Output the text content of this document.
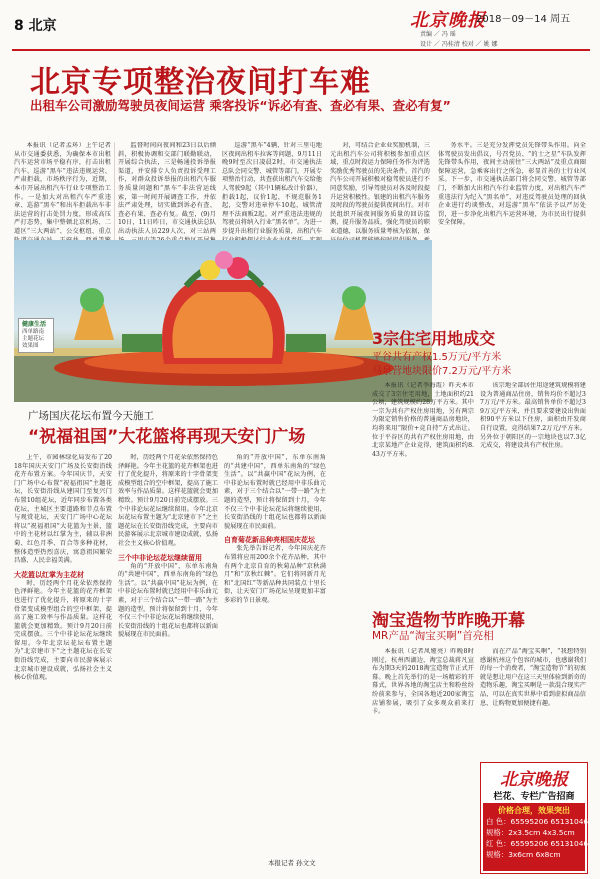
8 北京	北京晚报
2018－09－14 周五
责编 ／ 冯 瑶
设计 ／ 冯桂清 校对 ／ 姚 娜
北京专项整治夜间打车难
出租车公司激励驾驶员夜间运营 乘客投诉“诉必有查、查必有果、查必有复”

本报讯（记者孟环）上午记者从市交通委获悉，为确保本市出租汽车运营市场平稳有序，打击出租汽车、巡游“黑车”违法违规运营、严肃拒载，市场秩序行为，近期，本市开展出租汽车行业专项整治工作。一是加大对出租汽车严重违章、巡游“黑车”和出车拒载出车非法运营的打击处罚力度，形成高压严打态势，集中整顿北京机场、二道区“三大两站”、公交枢纽、重点

监督时间向夜间和23日以后倾斜，积极协调和交部门联勤联动，开展综合执法，三是畅通投诉举报渠道，并安排专人负责投诉受理工作，对群众投诉举报的出租汽车服务质量问题和“黑车”非法营运线索，第一时间开展调查工作，并依法严肃处理，切实做到诉必有查、查必有果、查必有复。截至，(9)月10日，11日昨日，市交通执法总队出动执法人员229人次，对三站两

巡游“黑车”4辆，针对三里屯地区夜间出租车拉客等问题，9月11日晚9时至次日凌晨2时，市交通执法总队会同交警、城管等部门，开展专项整治行动，共查获出租汽车交给他人驾驶9起（其中1辆私改计价器），拒载1起，议价1起，不规范服务1起，交警对违章停车10起，城管清理不法商贩2起。对严重违法违规的驾驶员将纳入行业“黑名单”。为进一步提升出租行业服务质量，出租汽车

对，可结合企业业奖励机制，三元出租汽车公司将积极参加重点区域，重点时段运力保障任务作为评选奖励优秀驾驶员的先决条件。首汽的汽车公司开展积极对稳驾驶员进行不同意奖励，引导驾驶员对各及时段提升运营积极性。银建的出租汽车服务及时段的驾驶员提供夜间出行。对市民组织开展夜间服务质量的回访监测，提升服务品质，强化驾驶员的职业道德，以服务质量考核为依据，保

务水平。三是充分发挥党员先锋带头作用。向全体驾驶员发出倡议，号召党员、“的士之星”车队发挥先锋带头作用，夜间主动前往“三大两站”及重点商圈保障运营，急乘客出行之所急，彰显首善的士行业风采。下一步，市交通执法部门将会同交警、城管等部门，不断加大出租汽车行业监管力度，对出租汽车严重违法行为纪入“黑名单”，对违反驾驶员处理的回执企业进行约谈整改，对巡游“黑车”依法予以严厉处罚，进一步净化出租汽车运营环境，为市民出行提供安全保障。

健康生活
西单路南
主题花坛
效果图
广场国庆花坛布置今天施工
“祝福祖国”大花篮将再现天安门广场

上午，市园林绿化局发布了2018年国庆天安门广场及长安街沿线花卉布置方案。今年国庆节，天安门广场中心布置“祝福祖国”主题花坛，长安街沿线从建国门至复兴门布置10组花坛，近年同步布置各类花坛，主城区主要道路和节点布置与观赏花坛，天安门广场中心花坛将以“祝福祖国”大花篮为主景，篮中的主花材以红掌为主，辅以非洲菊、红色月季、百合等多种花材，整体造型热烈喜庆，寓意祖国繁荣昌盛、人民幸福美满。

大花篮以红掌为主花材

时，历经两个月花朵依然保持色泽鲜艳。今年主花篮的花卉框架也进行了优化提升，将原来的十字骨架变成模型组合的空中框架，提高了施工效率与作品质量。这样花篮就会更加精致。预计9月20日前完成摆放。三个中非论坛花坛继续留用。今年北京坛花坛布置主题为“北京建市下”之主题花坛在长安街沿线完成，主要向市民游客展示北京城市建设成就，弘扬社会主义核心价值观。

时，历经两个月花朵依然保持色泽鲜艳。今年主花篮的花卉框架也进行了优化提升，将原来的十字骨架变成模型组合的空中框架，提高了施工效率与作品质量。这样花篮就会更加精致。预计9月20日前完成摆放。三个中非论坛花坛继续留用。今年北京坛花坛布置主题为“北京建市下”之主题花坛在长安街沿线完成，主要向市民游客展示北京城市建设成就，弘扬社会主义核心价值观。

三个中非论坛花坛继续留用

角的“开放中国”，东单东南角的“共建中国”，西单东南角的“绿色生活”。以“共赢中国”花坛为例，在中非论坛布置时就已经用中非乐曲元素，对于三个结合以“一带一路”为主题的造型，预计将保留到十月，今年不仅三个中非论坛花坛将继续使用，长安街沿线的十组花坛也都将以新面貌展现在市民面前。

角的“开放中国”，东单东南角的“共建中国”，西单东南角的“绿色生活”。以“共赢中国”花坛为例，在中非论坛布置时就已经用中非乐曲元素，对于三个结合以“一带一路”为主题的造型，预计将保留到十月，今年不仅三个中非论坛花坛将继续使用，长安街沿线的十组花坛也都将以新面貌展现在市民面前。

自育菊花新品种亮相国庆花坛

张先举告诉记者，今年国庆花卉布置将应用200余个花卉品种，其中有两个北京自育的秋菊品种“京秋满月”和“京秋红棘”。它们将同新月光和“北国红”等新品种共同装点十里长街，让天安门广场花坛呈现更加丰富多彩的节日景观。

本报记者 孙文文
3宗住宅用地成交
平谷共有产权1.5万元/平方米
马泉营地块限价7.2万元/平方米

本报讯（记者李海霞）昨天本市成交了3宗住宅用地，土地面积约21公顷，建筑规模约28万平方米。其中一宗为共有产权住房用地，另有两宗为限定销售价格的普通商品房地块，均将来用“限价+竞自持”方式出让。位于平谷区的共有产权住房用地，由北京某地产企业竞得，建筑面积约8.43万平方米。

该宗地全部居住用途建筑规模将建设为普通商品住房，销售均价不超过37万元/平方米。最高销售单价不超过39万元/平方米，并且要求要建设出售面积90平方米以下住房，面积由开发商自行设置，竞得结果7.2万元/平方米。另外位于朝阳区的一宗地块也以7.3亿元成交，将建设共有产权住房。

淘宝造物节昨晚开幕
MR产品“淘宝买啊”首亮相

本报讯（记者凤娅亮）昨晚8时刚过，杭州西湖边，淘宝总裁蒋凡宣布为期3天的2018淘宝造物节正式开幕。晚上首先举行的是一场精彩的开幕式，世界各地的淘宝店主和粉丝纷纷前来参与，全国各地近200家淘宝店铺参展，吸引了众多观众前来打卡。

而在产品“淘宝买啊”，“我想特别感谢杭州这个包容的城市，也感谢我们的每一个消费者，“淘宝造物节”的初衷就是想让用户在这三天里体验到新奇的造物乐趣，淘宝买啊是一款混合现实产品，可以在真实世界中看到虚拟商品信息，让购物更加便捷有趣。

北京晚报
栏花、专栏广告招商
价格合理，效果突出
白 色：65595206 65131046
规格：2x3.5cm 4x3.5cm
红 色：65595206 65131046
规格：3x6cm 6x8cm
